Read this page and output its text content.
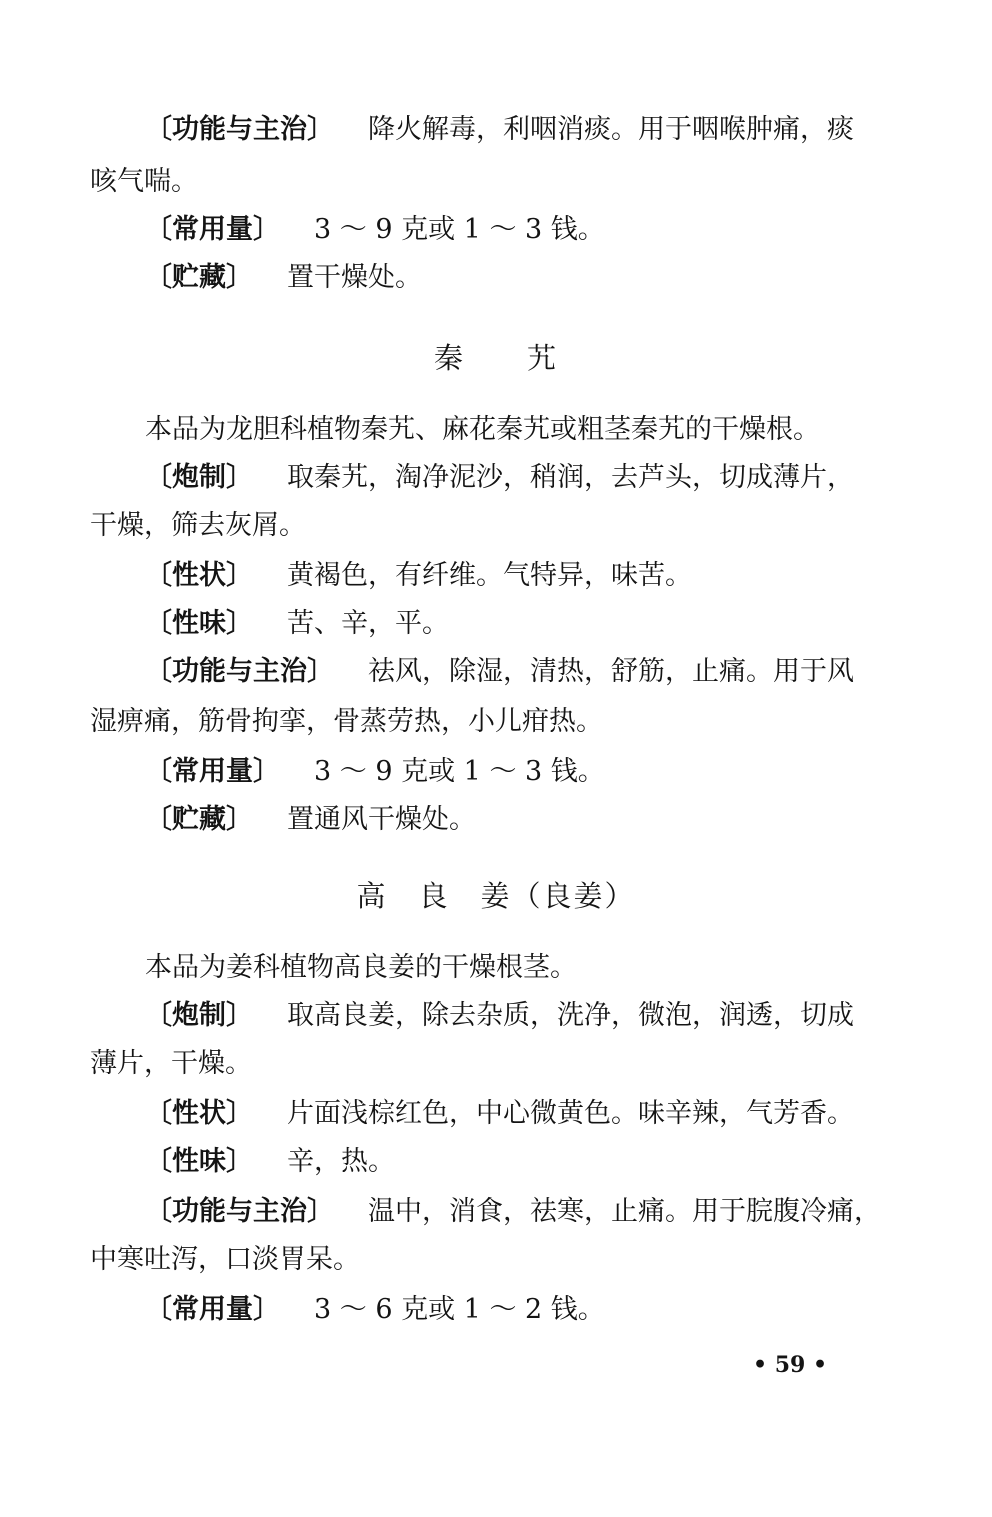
〔功能与主治〕 降火解毒，利咽消痰。用于咽喉肿痛，痰
咳气喘。
〔常用量〕 3 ～ 9 克或 1 ～ 3 钱。
〔贮藏〕 置干燥处。
秦　　艽
本品为龙胆科植物秦艽、麻花秦艽或粗茎秦艽的干燥根。
〔炮制〕 取秦艽，淘净泥沙，稍润，去芦头，切成薄片，
干燥，筛去灰屑。
〔性状〕 黄褐色，有纤维。气特异，味苦。
〔性味〕 苦、辛，平。
〔功能与主治〕 祛风，除湿，清热，舒筋，止痛。用于风
湿痹痛，筋骨拘挛，骨蒸劳热，小儿疳热。
〔常用量〕 3 ～ 9 克或 1 ～ 3 钱。
〔贮藏〕 置通风干燥处。
高　良　姜（良姜）
本品为姜科植物高良姜的干燥根茎。
〔炮制〕 取高良姜，除去杂质，洗净，微泡，润透，切成
薄片，干燥。
〔性状〕 片面浅棕红色，中心微黄色。味辛辣，气芳香。
〔性味〕 辛，热。
〔功能与主治〕 温中，消食，祛寒，止痛。用于脘腹冷痛，
中寒吐泻，口淡胃呆。
〔常用量〕 3 ～ 6 克或 1 ～ 2 钱。
• 59 •
